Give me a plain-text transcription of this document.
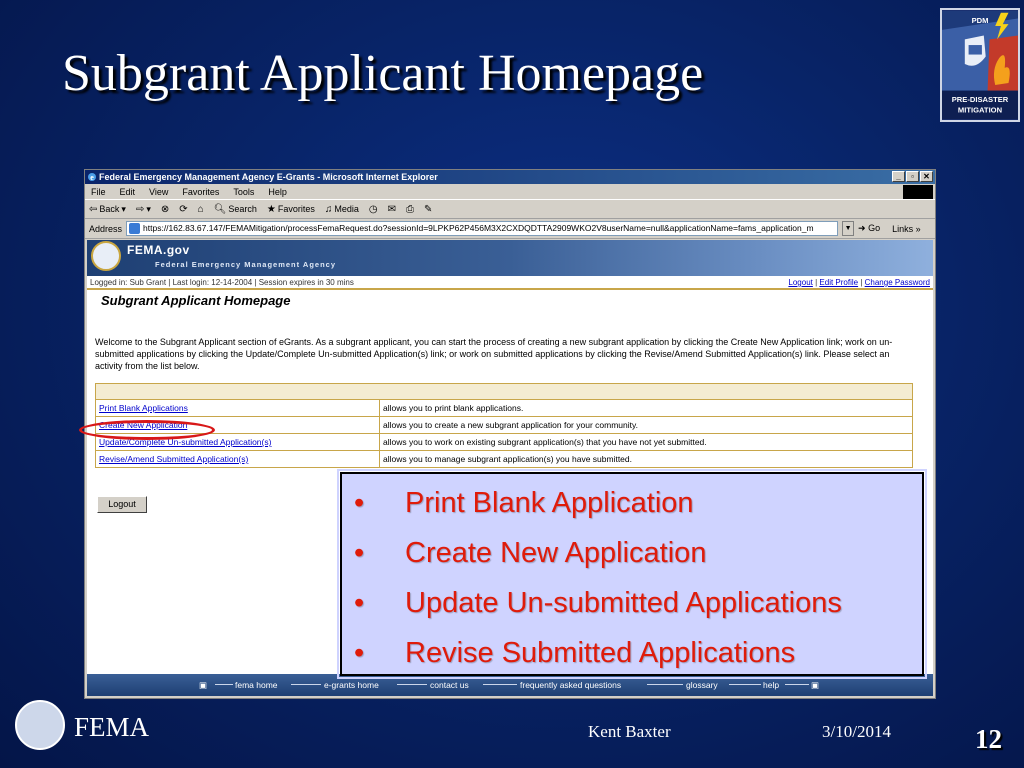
Subgrant Applicant Homepage
PDM
PRE-DISASTER
MITIGATION
e Federal Emergency Management Agency E-Grants - Microsoft Internet Explorer	_	▫	✕
File Edit View Favorites Tools Help
⇦ Back ▾ ⇨ ▾ ⊗ ⟳ ⌂ 🔍︎ Search ★ Favorites ♫ Media ◷ ✉ ⎙ ✎
Address	https://162.83.67.147/FEMAMitigation/processFemaRequest.do?sessionId=9LPKP62P456M3X2CXDQDTTA2909WKO2V8userName=null&applicationName=fams_application_m	▼ ➜ Go Links »
FEMA.gov
Federal Emergency Management Agency
Logged in: Sub Grant | Last login: 12-14-2004 | Session expires in 30 mins	Logout | Edit Profile | Change Password
Subgrant Applicant Homepage
Welcome to the Subgrant Applicant section of eGrants. As a subgrant applicant, you can start the process of creating a new subgrant application by clicking the Create New Application link; work on un-submitted applications by clicking the Update/Complete Un-submitted Application(s) link; or work on submitted applications by clicking the Revise/Amend Submitted Application(s) link. Please select an activity from the list below.

Print Blank Applications	allows you to print blank applications.
Create New Application	allows you to create a new subgrant application for your community.
Update/Complete Un-submitted Application(s)	allows you to work on existing subgrant application(s) that you have not yet submitted.
Revise/Amend Submitted Application(s)	allows you to manage subgrant application(s) you have submitted.
Logout
▣	fema home	e-grants home	contact us	frequently asked questions	glossary	help	▣
• Print Blank Application
• Create New Application
• Update Un-submitted Applications
• Revise Submitted Applications
FEMA	Kent Baxter	3/10/2014	12
